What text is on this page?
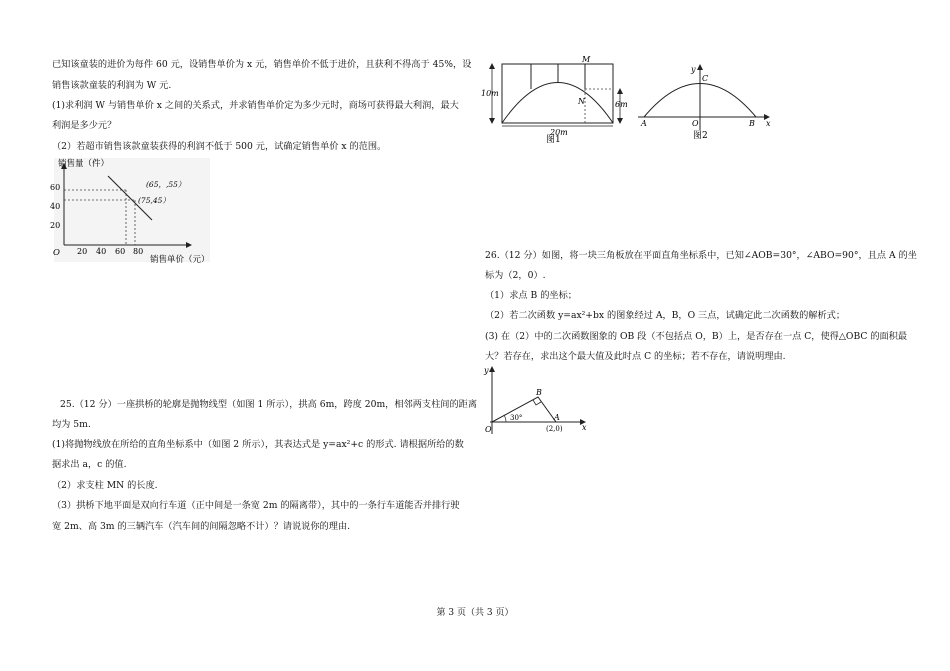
已知该童装的进价为每件 60 元，设销售单价为 x 元，销售单价不低于进价，且获利不得高于 45%，设
销售该款童装的利润为 W 元.
(1)求利润 W 与销售单价 x 之间的关系式，并求销售单价定为多少元时，商场可获得最大利润，最大
利润是多少元？
（2）若超市销售该款童装获得的利润不低于 500 元，试确定销售单价 x 的范围。
销售量（件）
60
40
20
O 20 40 60 80
销售单价（元）
(65，,55）
(75,45）
25.（12 分）一座拱桥的轮廓是抛物线型（如图 1 所示），拱高 6m，跨度 20m，相邻两支柱间的距离
均为 5m.
(1)将抛物线放在所给的直角坐标系中（如图 2 所示），其表达式是 y=ax²+c 的形式. 请根据所给的数
据求出 a，c 的值.
（2）求支柱 MN 的长度.
（3）拱桥下地平面是双向行车道（正中间是一条宽 2m 的隔离带），其中的一条行车道能否并排行驶
宽 2m、高 3m 的三辆汽车（汽车间的间隔忽略不计）？请说说你的理由.
10m
6m
20m
M
N
图1
y
x
C
A	O	B
图2
26.（12 分）如图，将一块三角板放在平面直角坐标系中，已知∠AOB=30°，∠ABO=90°，且点 A 的坐
标为（2，0）.
（1）求点 B 的坐标；
（2）若二次函数 y=ax²+bx 的图象经过 A，B，O 三点，试确定此二次函数的解析式；
(3) 在（2）中的二次函数图象的 OB 段（不包括点 O，B）上，是否存在一点 C，使得△OBC 的面积最
大？若存在，求出这个最大值及此时点 C 的坐标；若不存在，请说明理由.
y
x
O
B
A
30°
(2,0)
第 3 页（共 3 页）
